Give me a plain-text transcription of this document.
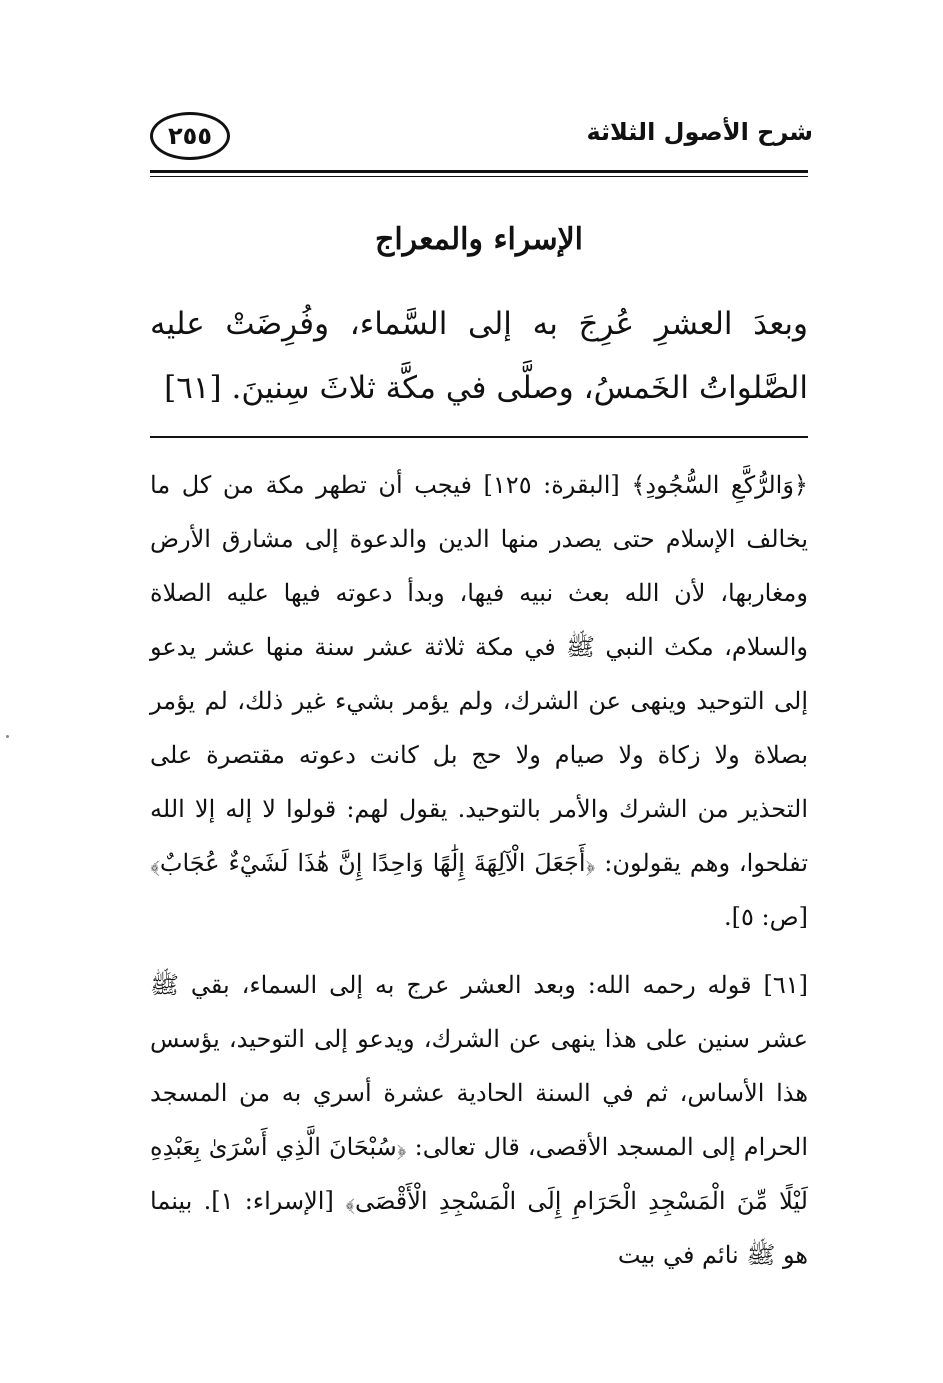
شرح الأصول الثلاثة
٢٥٥
الإسراء والمعراج

وبعدَ العشرِ عُرِجَ به إلى السَّماء، وفُرِضَتْ عليه الصَّلواتُ الخَمسُ، وصلَّى في مكَّة ثلاثَ سِنينَ. [٦١]

﴿وَالرُّكَّعِ السُّجُودِ﴾ [البقرة: ١٢٥] فيجب أن تطهر مكة من كل ما يخالف الإسلام حتى يصدر منها الدين والدعوة إلى مشارق الأرض ومغاربها، لأن الله بعث نبيه فيها، وبدأ دعوته فيها عليه الصلاة والسلام، مكث النبي ﷺ في مكة ثلاثة عشر سنة منها عشر يدعو إلى التوحيد وينهى عن الشرك، ولم يؤمر بشيء غير ذلك، لم يؤمر بصلاة ولا زكاة ولا صيام ولا حج بل كانت دعوته مقتصرة على التحذير من الشرك والأمر بالتوحيد. يقول لهم: قولوا لا إله إلا الله تفلحوا، وهم يقولون: ﴿أَجَعَلَ الْآلِهَةَ إِلَٰهًا وَاحِدًا إِنَّ هَٰذَا لَشَيْءٌ عُجَابٌ﴾ [ص: ٥].

[٦١] قوله رحمه الله: وبعد العشر عرج به إلى السماء، بقي ﷺ عشر سنين على هذا ينهى عن الشرك، ويدعو إلى التوحيد، يؤسس هذا الأساس، ثم في السنة الحادية عشرة أسري به من المسجد الحرام إلى المسجد الأقصى، قال تعالى: ﴿سُبْحَانَ الَّذِي أَسْرَىٰ بِعَبْدِهِ لَيْلًا مِّنَ الْمَسْجِدِ الْحَرَامِ إِلَى الْمَسْجِدِ الْأَقْصَى﴾ [الإسراء: ١]. بينما هو ﷺ نائم في بيت
